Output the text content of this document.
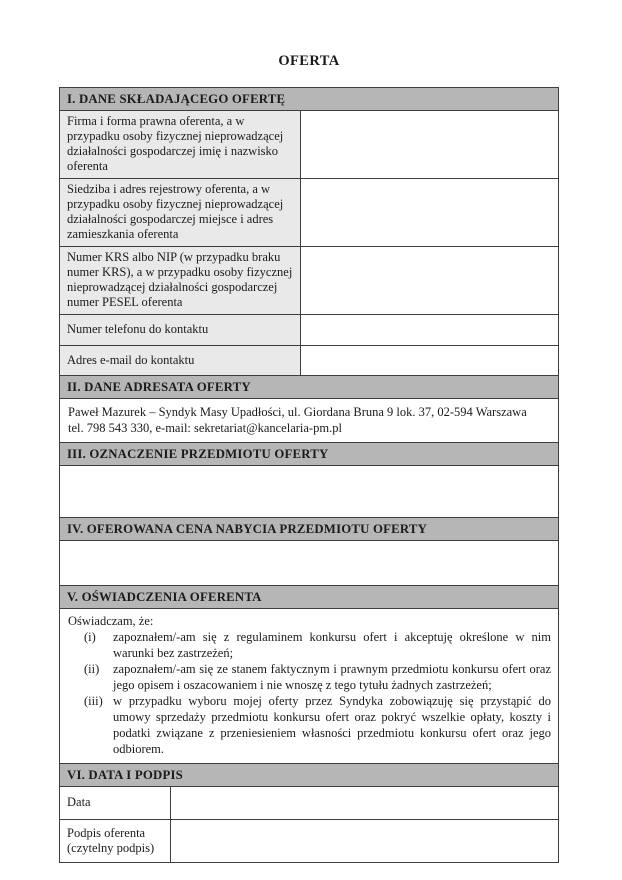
OFERTA
I. DANE SKŁADAJĄCEGO OFERTĘ
Firma i forma prawna oferenta, a w przypadku osoby fizycznej nieprowadzącej działalności gospodarczej imię i nazwisko oferenta
Siedziba i adres rejestrowy oferenta, a w przypadku osoby fizycznej nieprowadzącej działalności gospodarczej miejsce i adres zamieszkania oferenta
Numer KRS albo NIP (w przypadku braku numer KRS), a w przypadku osoby fizycznej nieprowadzącej działalności gospodarczej numer PESEL oferenta
Numer telefonu do kontaktu
Adres e-mail do kontaktu
II. DANE ADRESATA OFERTY
Paweł Mazurek – Syndyk Masy Upadłości, ul. Giordana Bruna 9 lok. 37, 02-594 Warszawa
tel. 798 543 330, e-mail: sekretariat@kancelaria-pm.pl
III. OZNACZENIE PRZEDMIOTU OFERTY
IV. OFEROWANA CENA NABYCIA PRZEDMIOTU OFERTY
V. OŚWIADCZENIA OFERENTA
Oświadczam, że:
(i)	zapoznałem/-am się z regulaminem konkursu ofert i akceptuję określone w nim warunki bez zastrzeżeń;
(ii)	zapoznałem/-am się ze stanem faktycznym i prawnym przedmiotu konkursu ofert oraz jego opisem i oszacowaniem i nie wnoszę z tego tytułu żadnych zastrzeżeń;
(iii) w przypadku wyboru mojej oferty przez Syndyka zobowiązuję się przystąpić do umowy sprzedaży przedmiotu konkursu ofert oraz pokryć wszelkie opłaty, koszty i podatki związane z przeniesieniem własności przedmiotu konkursu ofert oraz jego odbiorem.
VI. DATA I PODPIS
Data
Podpis oferenta (czytelny podpis)
